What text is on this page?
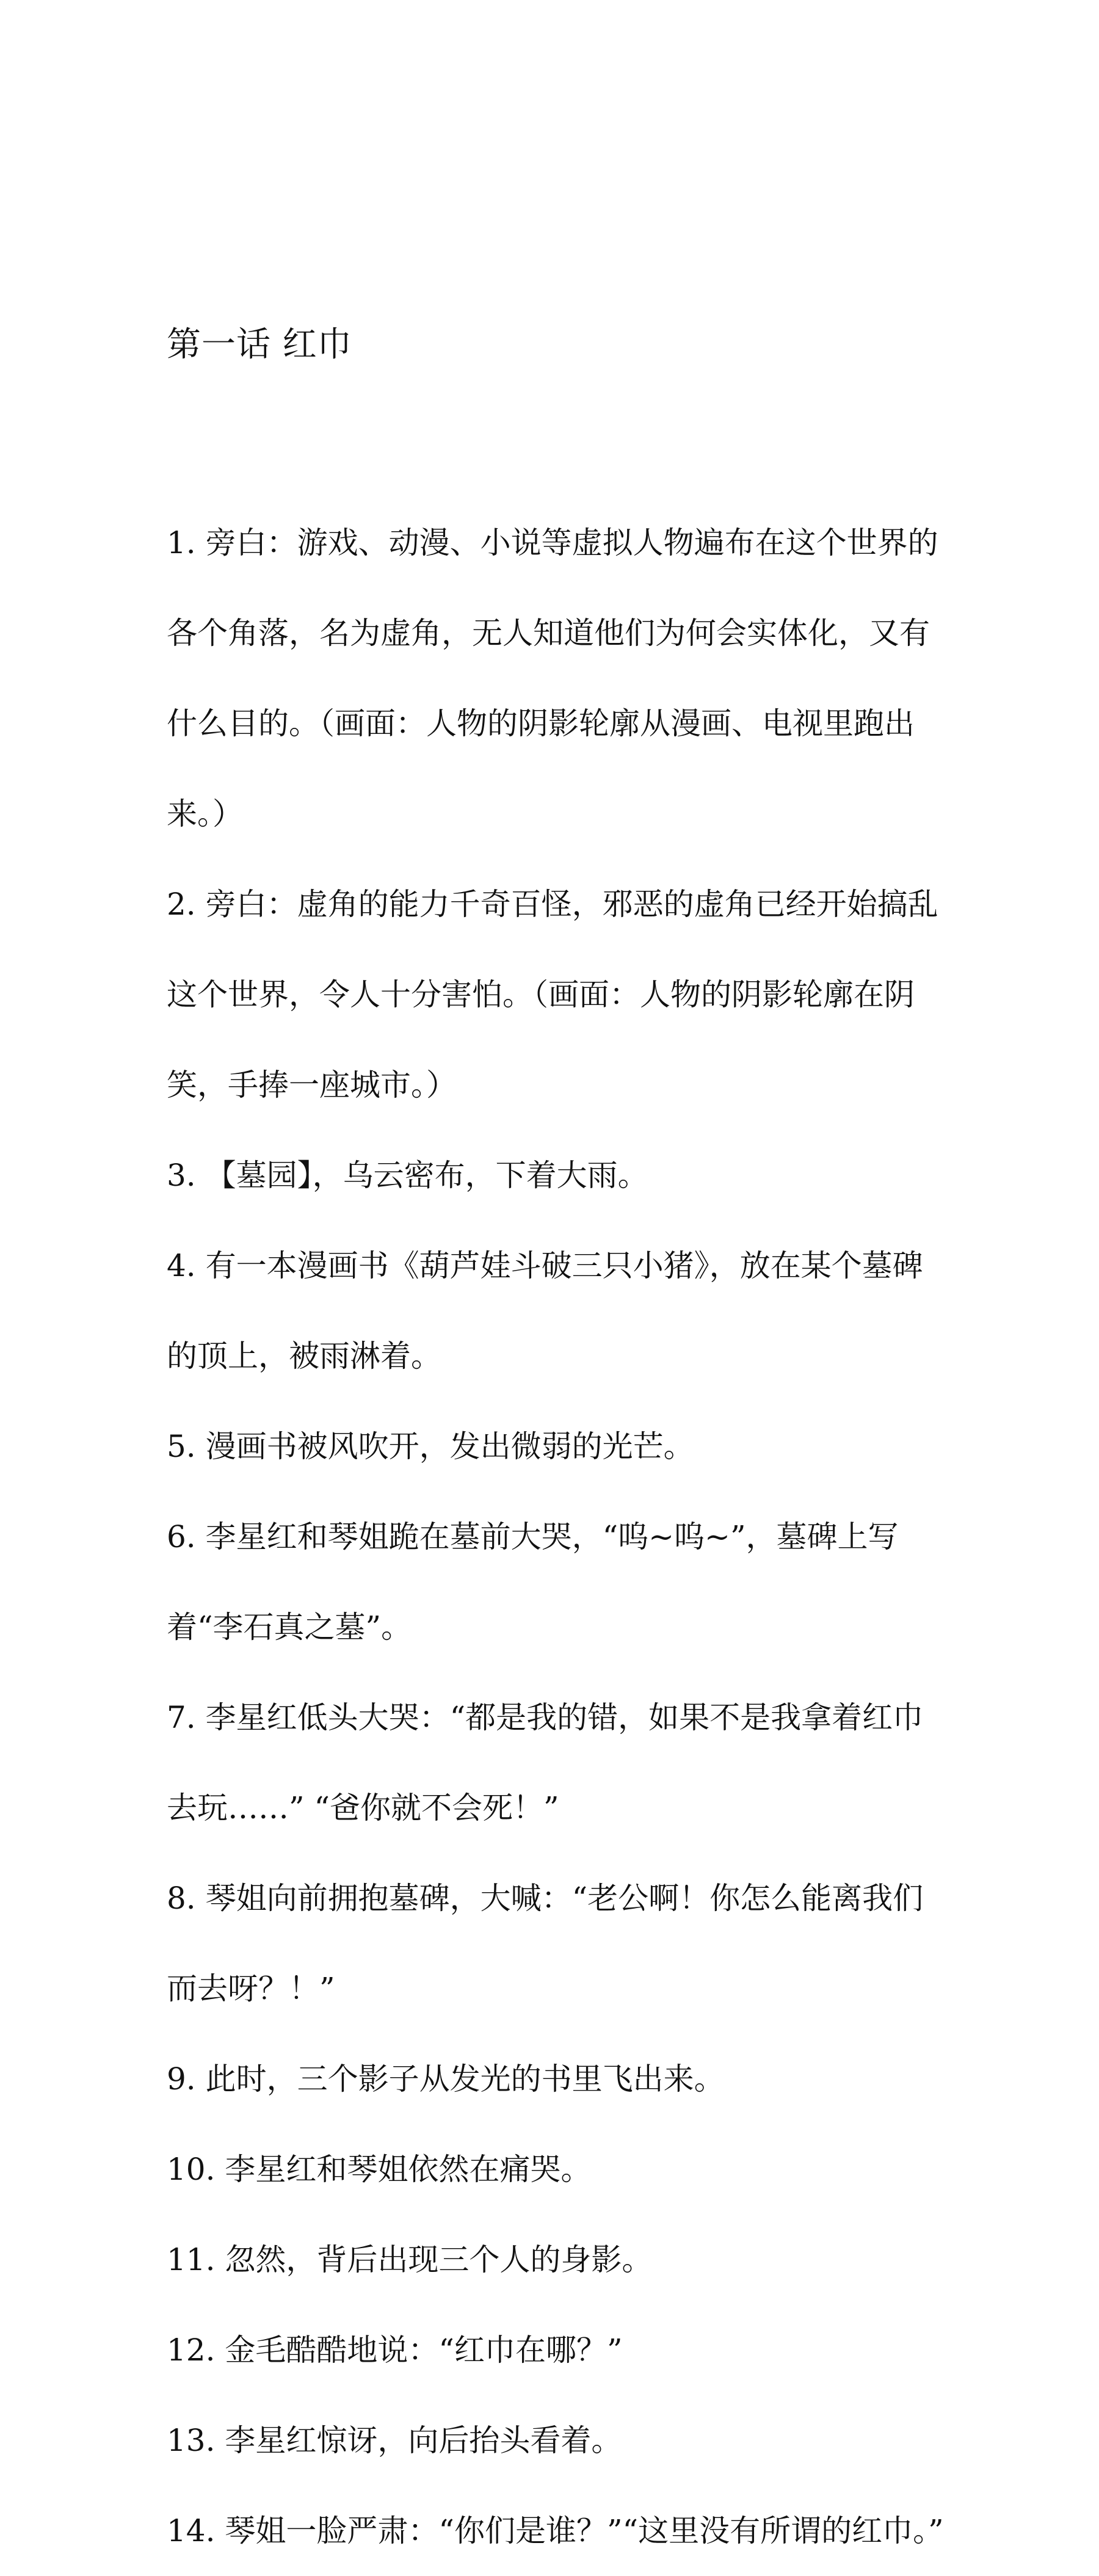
第一话 红巾

1. 旁白：游戏、动漫、小说等虚拟人物遍布在这个世界的各个角落，名为虚角，无人知道他们为何会实体化，又有什么目的。（画面：人物的阴影轮廓从漫画、电视里跑出来。）

2. 旁白：虚角的能力千奇百怪，邪恶的虚角已经开始搞乱这个世界，令人十分害怕。（画面：人物的阴影轮廓在阴笑，手捧一座城市。）

3. 【墓园】，乌云密布，下着大雨。

4. 有一本漫画书《葫芦娃斗破三只小猪》，放在某个墓碑的顶上，被雨淋着。

5. 漫画书被风吹开，发出微弱的光芒。

6. 李星红和琴姐跪在墓前大哭，“呜~呜~”，墓碑上写着“李石真之墓”。

7. 李星红低头大哭：“都是我的错，如果不是我拿着红巾去玩……” “爸你就不会死！”

8. 琴姐向前拥抱墓碑，大喊：“老公啊！你怎么能离我们而去呀？！”

9. 此时，三个影子从发光的书里飞出来。

10. 李星红和琴姐依然在痛哭。

11. 忽然，背后出现三个人的身影。

12. 金毛酷酷地说：“红巾在哪？”

13. 李星红惊讶，向后抬头看着。

14. 琴姐一脸严肃：“你们是谁？”“这里没有所谓的红巾。”
